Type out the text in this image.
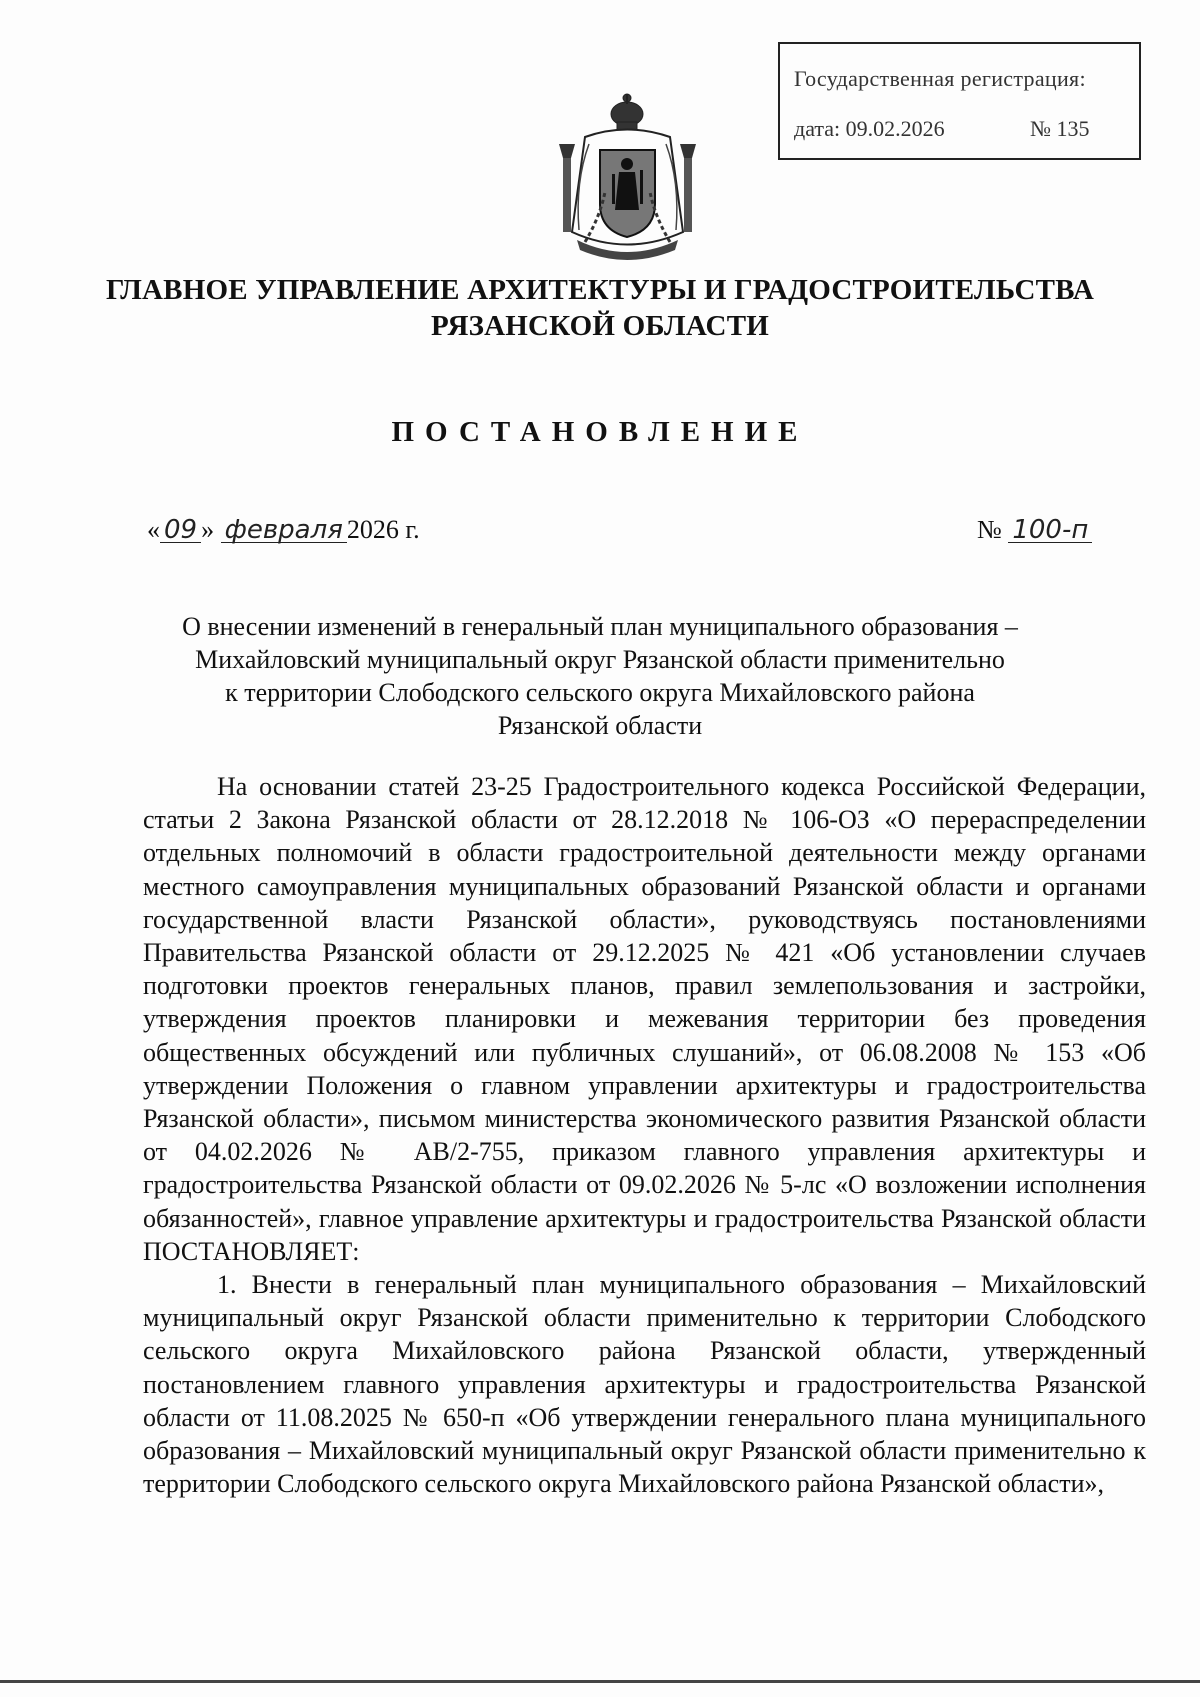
Государственная регистрация:
дата: 09.02.2026	№ 135
ГЛАВНОЕ УПРАВЛЕНИЕ АРХИТЕКТУРЫ И ГРАДОСТРОИТЕЛЬСТВА
РЯЗАНСКОЙ ОБЛАСТИ
ПОСТАНОВЛЕНИЕ
« 09 » февраля 2026 г.	№ 100-п
О внесении изменений в генеральный план муниципального образования –
Михайловский муниципальный округ Рязанской области применительно
к территории Слободского сельского округа Михайловского района
Рязанской области

На основании статей 23-25 Градостроительного кодекса Российской Федерации, статьи 2 Закона Рязанской области от 28.12.2018 № 106-ОЗ «О перераспределении отдельных полномочий в области градостроительной деятельности между органами местного самоуправления муниципальных образований Рязанской области и органами государственной власти Рязанской области», руководствуясь постановлениями Правительства Рязанской области от 29.12.2025 № 421 «Об установлении случаев подготовки проектов генеральных планов, правил землепользования и застройки, утверждения проектов планировки и межевания территории без проведения общественных обсуждений или публичных слушаний», от 06.08.2008 № 153 «Об утверждении Положения о главном управлении архитектуры и градостроительства Рязанской области», письмом министерства экономического развития Рязанской области от 04.02.2026 № АВ/2-755, приказом главного управления архитектуры и градостроительства Рязанской области от 09.02.2026 № 5-лс «О возложении исполнения обязанностей», главное управление архитектуры и градостроительства Рязанской области ПОСТАНОВЛЯЕТ:

1. Внести в генеральный план муниципального образования – Михайловский муниципальный округ Рязанской области применительно к территории Слободского сельского округа Михайловского района Рязанской области, утвержденный постановлением главного управления архитектуры и градостроительства Рязанской области от 11.08.2025 № 650-п «Об утверждении генерального плана муниципального образования – Михайловский муниципальный округ Рязанской области применительно к территории Слободского сельского округа Михайловского района Рязанской области»,
